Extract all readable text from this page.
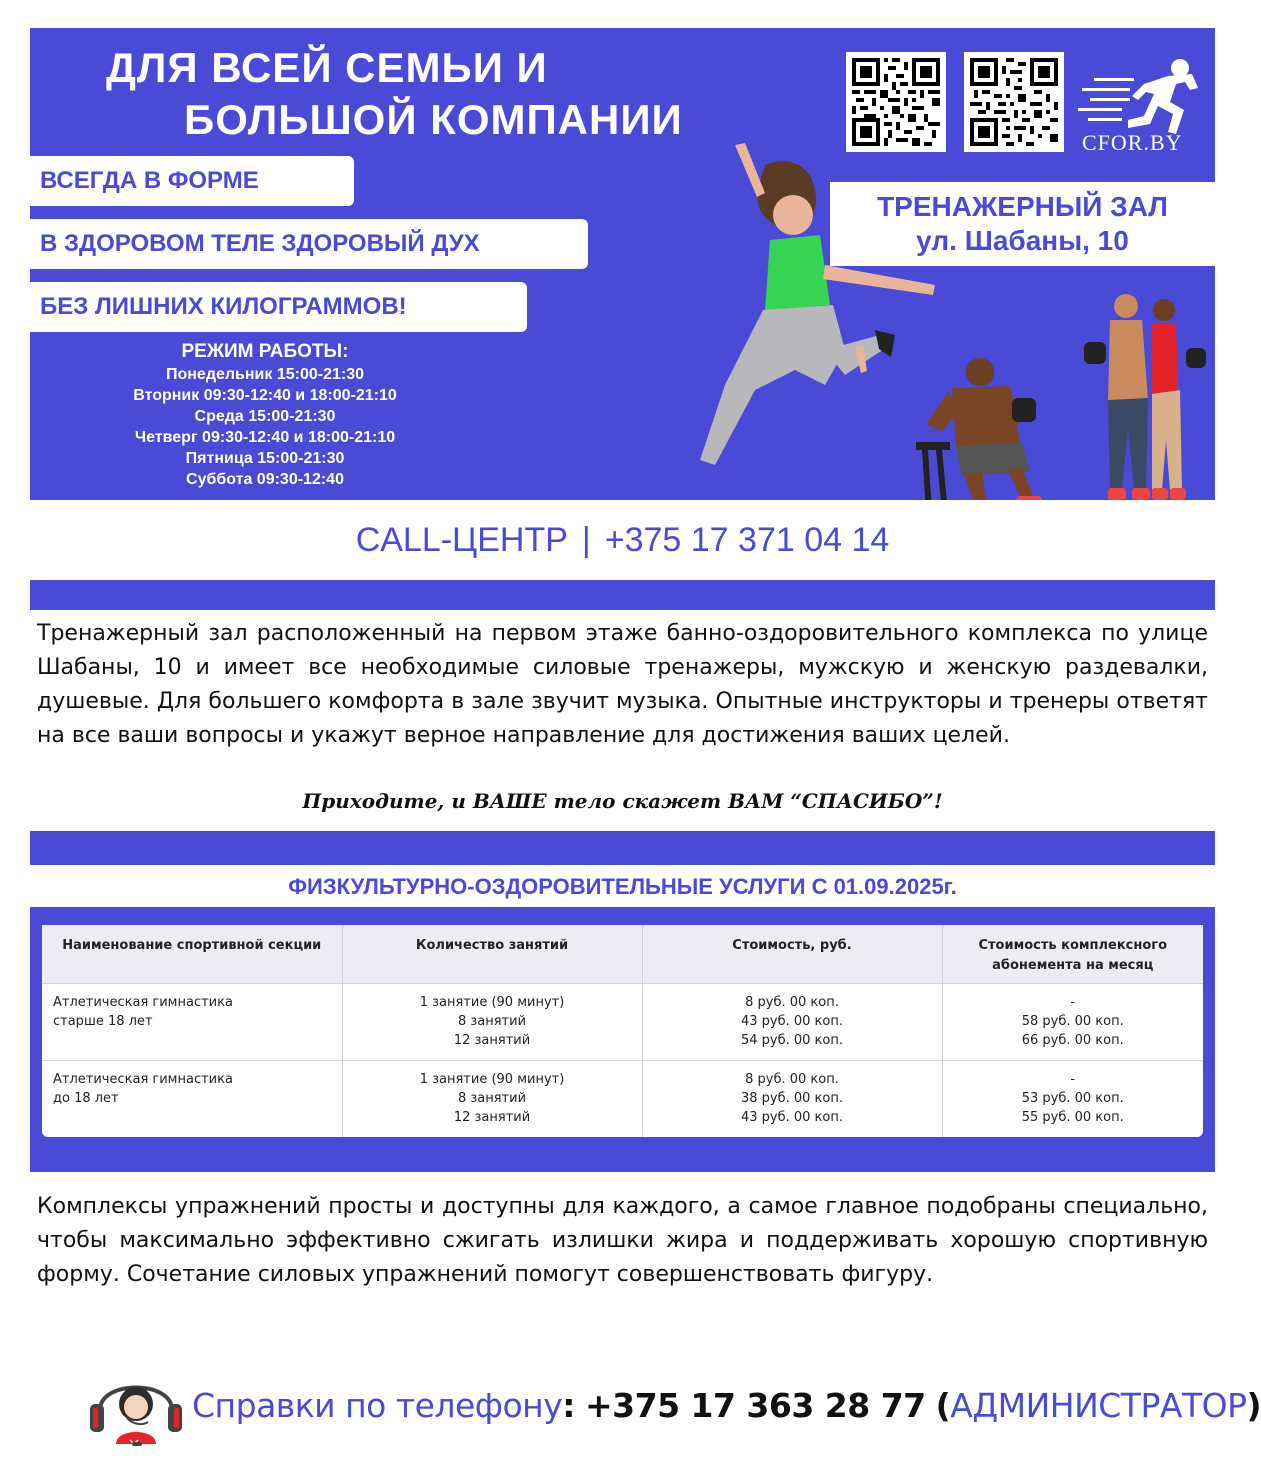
ДЛЯ ВСЕЙ СЕМЬИ И
БОЛЬШОЙ КОМПАНИИ
ВСЕГДА В ФОРМЕ
В ЗДОРОВОМ ТЕЛЕ ЗДОРОВЫЙ ДУХ
БЕЗ ЛИШНИХ КИЛОГРАММОВ!
РЕЖИМ РАБОТЫ:
Понедельник 15:00-21:30
Вторник 09:30-12:40 и 18:00-21:10
Среда 15:00-21:30
Четверг 09:30-12:40 и 18:00-21:10
Пятница 15:00-21:30
Суббота 09:30-12:40
CFOR.BY
ТРЕНАЖЕРНЫЙ ЗАЛ
ул. Шабаны, 10
CALL-ЦЕНТР | +375 17 371 04 14
Тренажерный зал расположенный на первом этаже банно-оздоровительного комплекса по улице Шабаны, 10 и имеет все необходимые силовые тренажеры, мужскую и женскую раздевалки, душевые. Для большего комфорта в зале звучит музыка. Опытные инструкторы и тренеры ответят на все ваши вопросы и укажут верное направление для достижения ваших целей.
Приходите, и ВАШЕ тело скажет ВАМ “СПАСИБО”!
ФИЗКУЛЬТУРНО-ОЗДОРОВИТЕЛЬНЫЕ УСЛУГИ С 01.09.2025г.
Наименование спортивной секции	Количество занятий	Стоимость, руб.	Стоимость комплексного абонемента на месяц
Атлетическая гимнастика
старше 18 лет	1 занятие (90 минут)
8 занятий
12 занятий	8 руб. 00 коп.
43 руб. 00 коп.
54 руб. 00 коп.	-
58 руб. 00 коп.
66 руб. 00 коп.
Атлетическая гимнастика
до 18 лет	1 занятие (90 минут)
8 занятий
12 занятий	8 руб. 00 коп.
38 руб. 00 коп.
43 руб. 00 коп.	-
53 руб. 00 коп.
55 руб. 00 коп.
Комплексы упражнений просты и доступны для каждого, а самое главное подобраны специально, чтобы максимально эффективно сжигать излишки жира и поддерживать хорошую спортивную форму. Сочетание силовых упражнений помогут совершенствовать фигуру.
Справки по телефону: +375 17 363 28 77 (АДМИНИСТРАТОР)
